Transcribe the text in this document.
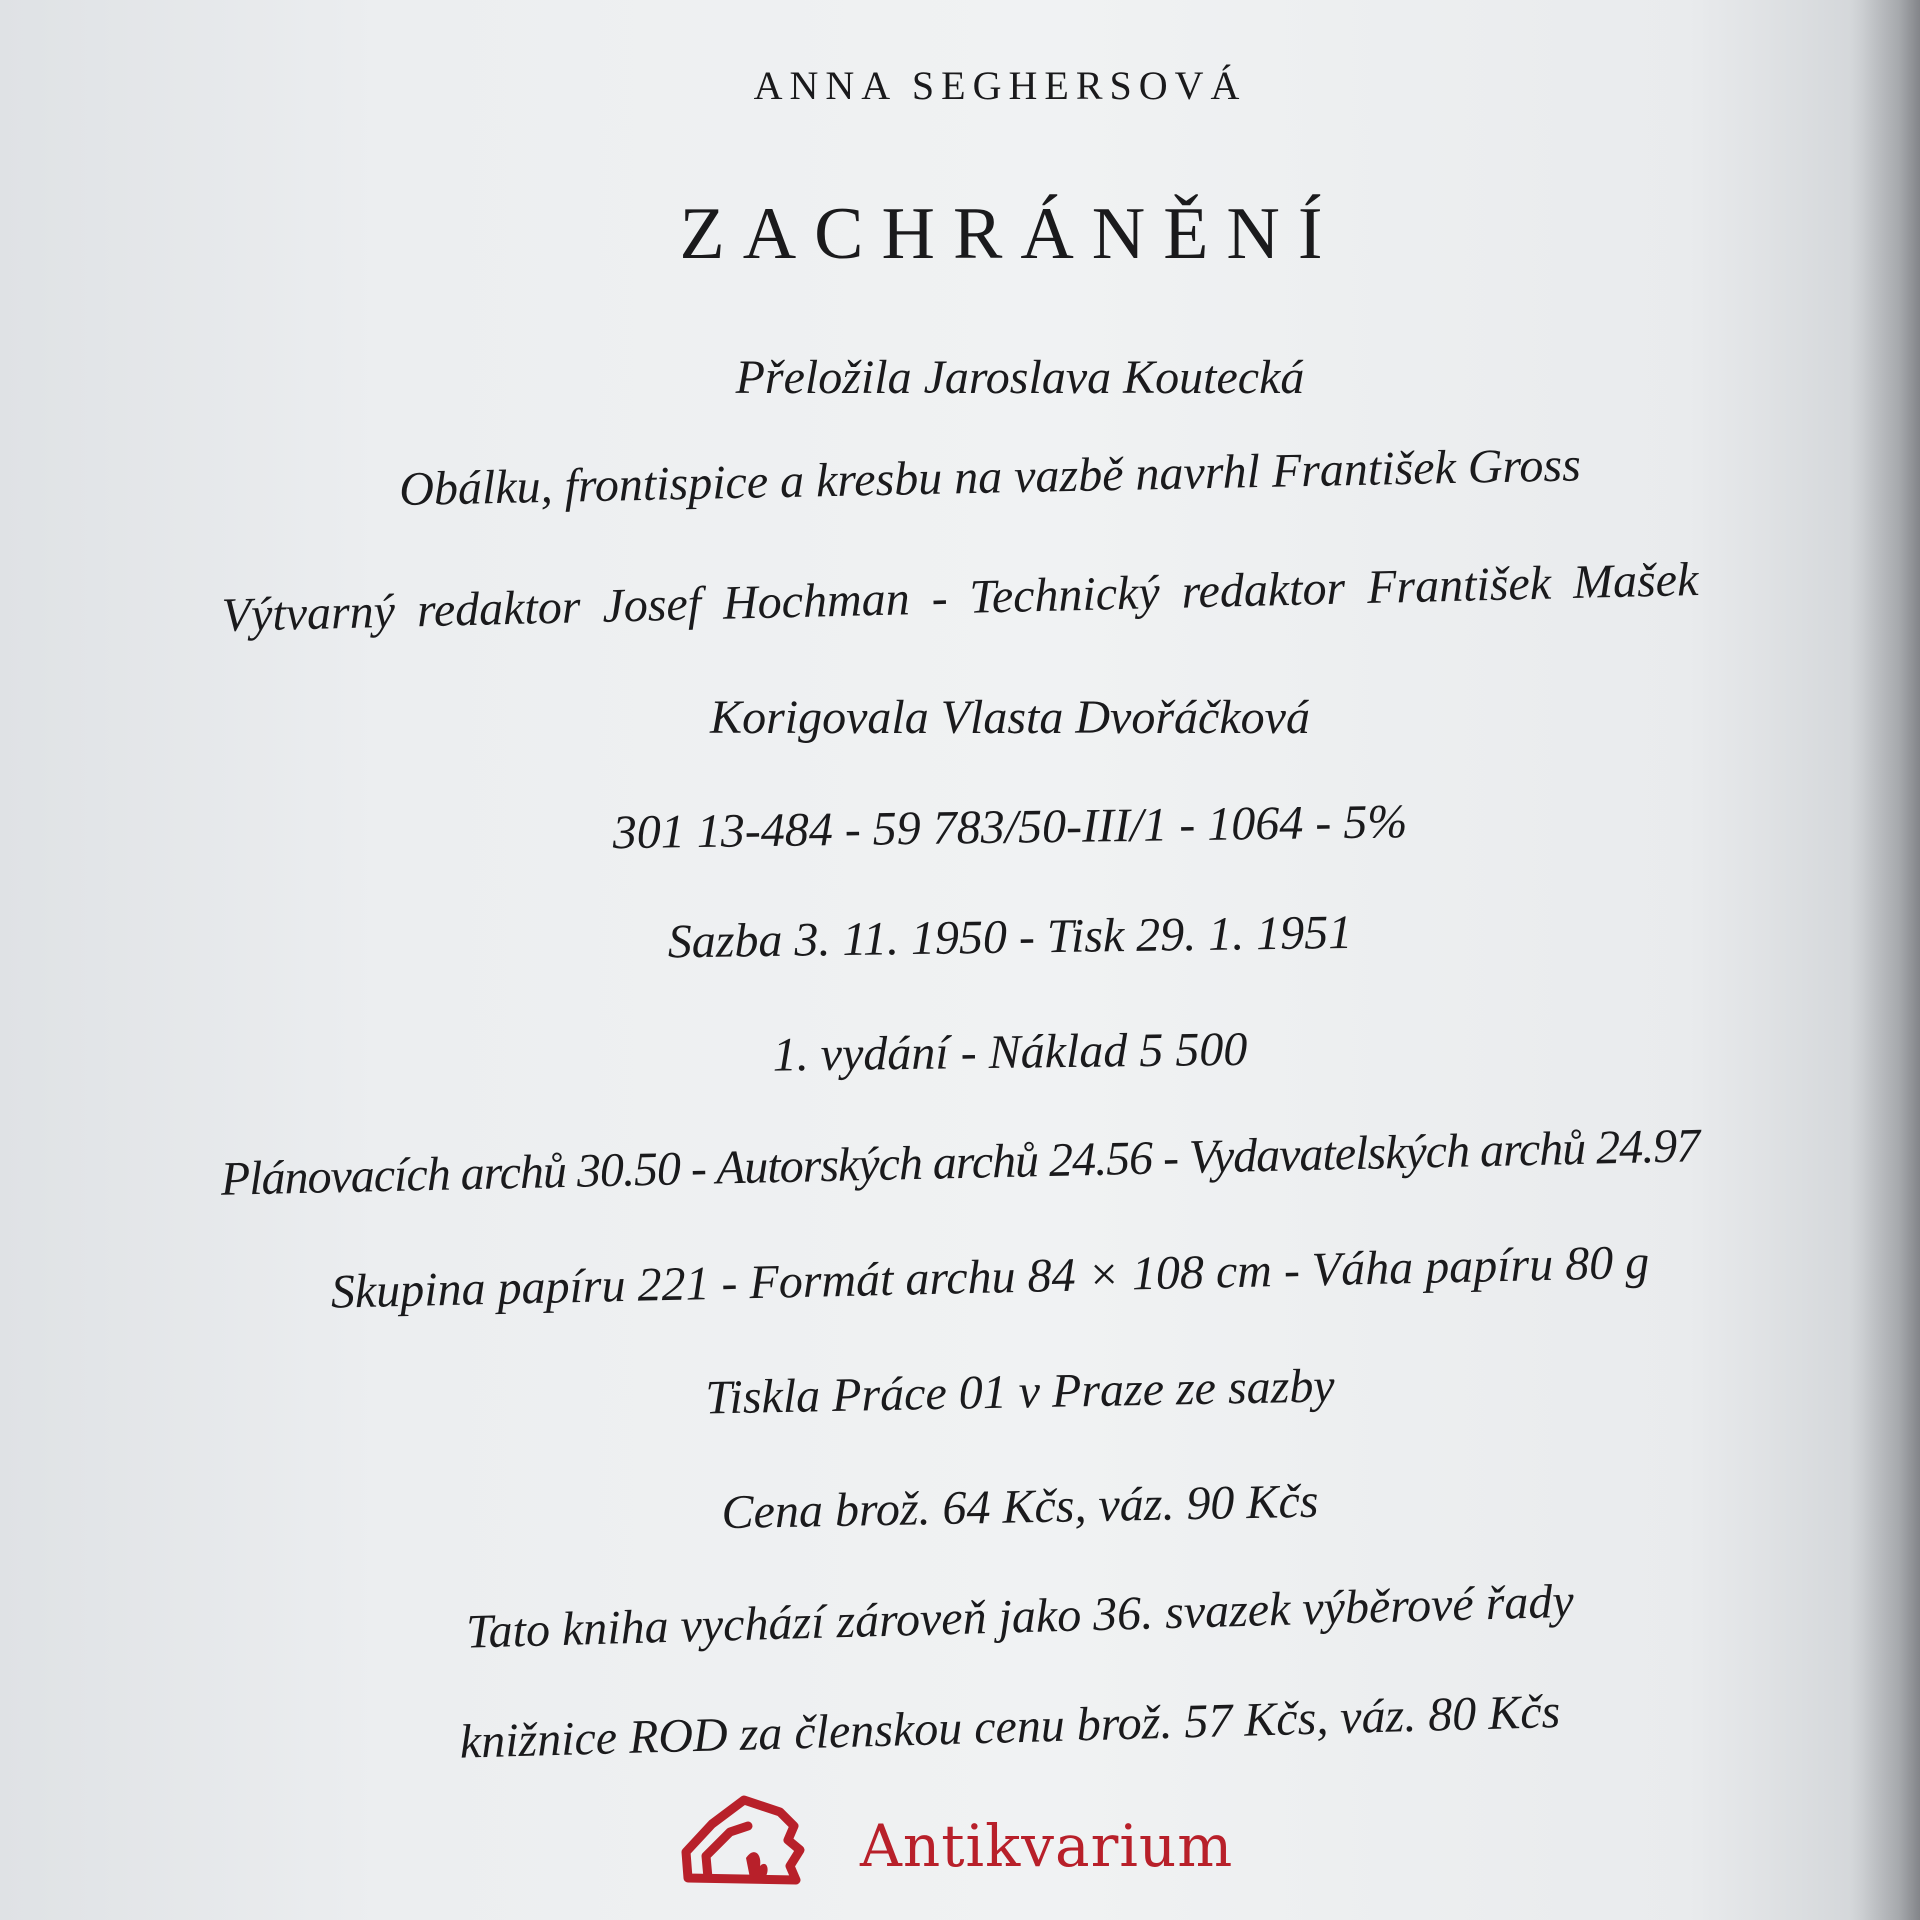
ANNA SEGHERSOVÁ
ZACHRÁNĚNÍ
Přeložila Jaroslava Koutecká
Obálku, frontispice a kresbu na vazbě navrhl František Gross
Výtvarný redaktor Josef Hochman - Technický redaktor František Mašek
Korigovala Vlasta Dvořáčková
301 13-484 - 59 783/50-III/1 - 1064 - 5%
Sazba 3. 11. 1950 - Tisk 29. 1. 1951
1. vydání - Náklad 5 500
Plánovacích archů 30.50 - Autorských archů 24.56 - Vydavatelských archů 24.97
Skupina papíru 221 - Formát archu 84 × 108 cm - Váha papíru 80 g
Tiskla Práce 01 v Praze ze sazby
Cena brož. 64 Kčs, váz. 90 Kčs
Tato kniha vychází zároveň jako 36. svazek výběrové řady
knižnice ROD za členskou cenu brož. 57 Kčs, váz. 80 Kčs
Antikvarium
